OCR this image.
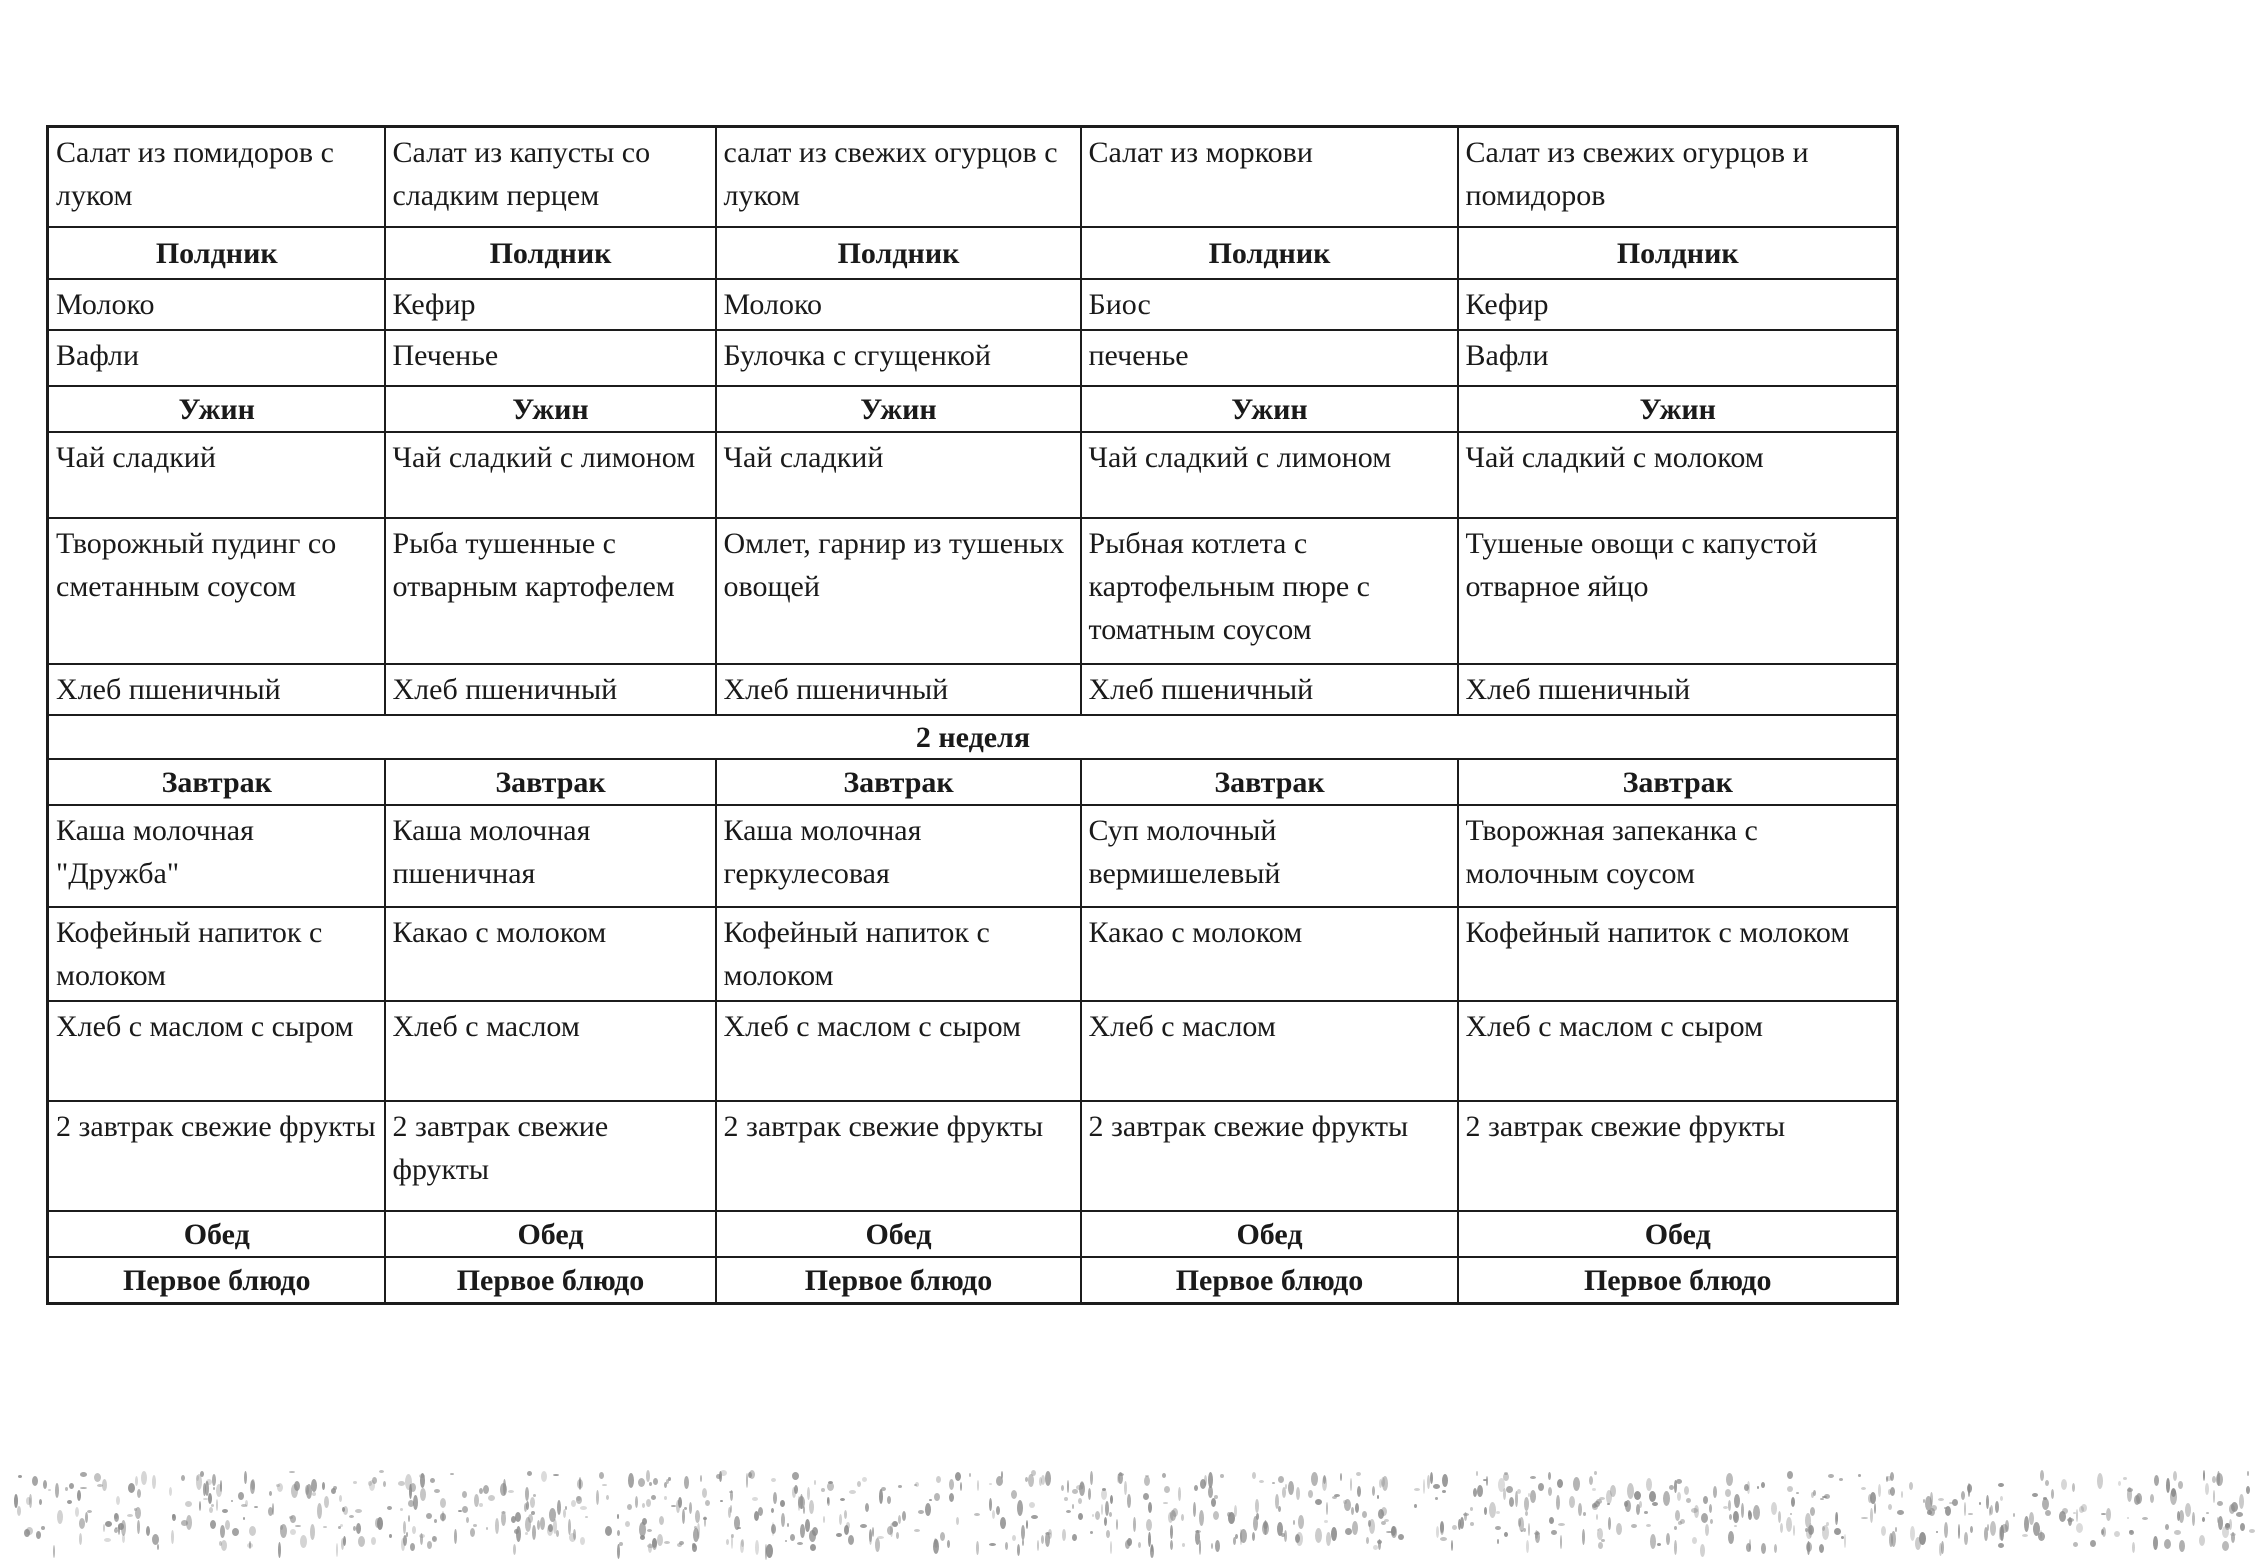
Салат из помидоров с луком	Салат из капусты со сладким перцем	салат из свежих огурцов с луком	Салат из моркови	Салат из свежих огурцов и помидоров
Полдник	Полдник	Полдник	Полдник	Полдник
Молоко	Кефир	Молоко	Биос	Кефир
Вафли	Печенье	Булочка с сгущенкой	печенье	Вафли
Ужин	Ужин	Ужин	Ужин	Ужин
Чай сладкий	Чай сладкий с лимоном	Чай сладкий	Чай сладкий с лимоном	Чай сладкий с молоком
Творожный пудинг со сметанным соусом	Рыба тушенные с отварным картофелем	Омлет, гарнир из тушеных овощей	Рыбная котлета с картофельным пюре с томатным соусом	Тушеные овощи с капустой отварное яйцо
Хлеб пшеничный	Хлеб пшеничный	Хлеб пшеничный	Хлеб пшеничный	Хлеб пшеничный
2 неделя				
Завтрак	Завтрак	Завтрак	Завтрак	Завтрак
Каша молочная "Дружба"	Каша молочная пшеничная	Каша молочная геркулесовая	Суп молочный вермишелевый	Творожная запеканка с молочным соусом
Кофейный напиток с молоком	Какао с молоком	Кофейный напиток с молоком	Какао с молоком	Кофейный напиток с молоком
Хлеб с маслом с сыром	Хлеб с маслом	Хлеб с маслом с сыром	Хлеб с маслом	Хлеб с маслом с сыром
2 завтрак свежие фрукты	2 завтрак свежие фрукты	2 завтрак свежие фрукты	2 завтрак свежие фрукты	2 завтрак свежие фрукты
Обед	Обед	Обед	Обед	Обед
Первое блюдо	Первое блюдо	Первое блюдо	Первое блюдо	Первое блюдо
